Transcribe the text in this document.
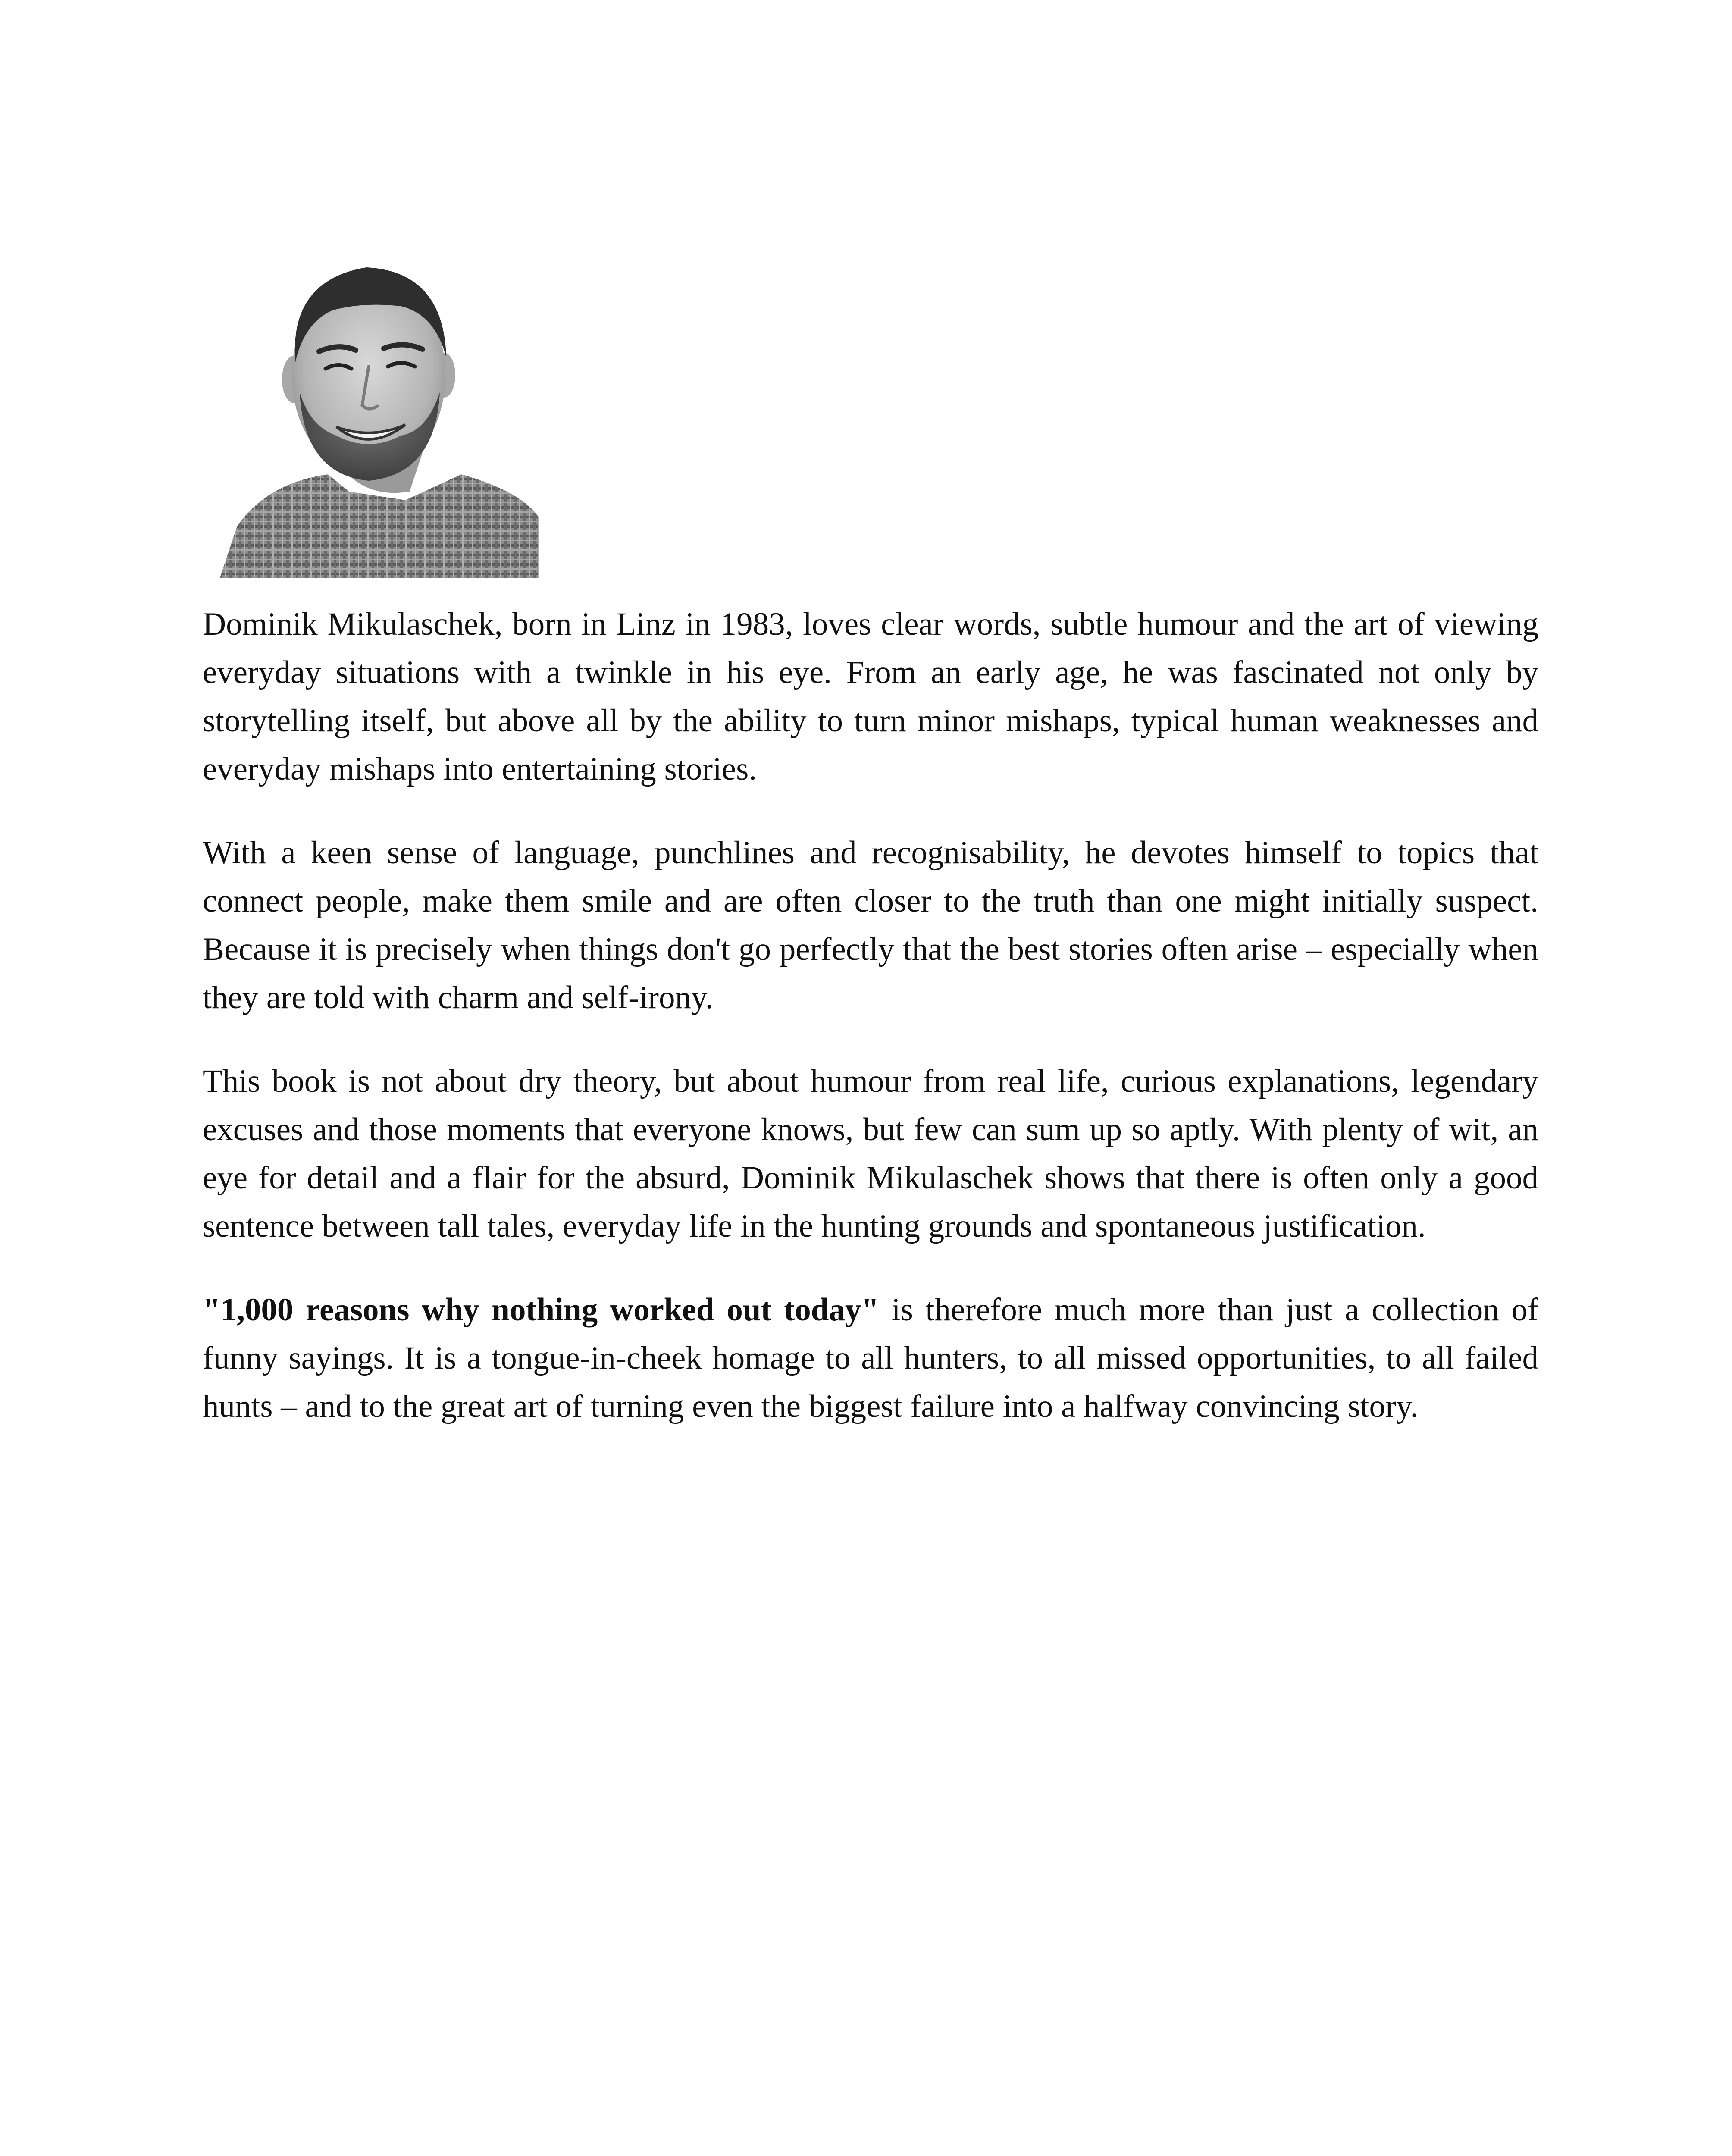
Dominik Mikulaschek, born in Linz in 1983, loves clear words, subtle humour and the art of viewing everyday situations with a twinkle in his eye. From an early age, he was fascinated not only by storytelling itself, but above all by the ability to turn minor mishaps, typical human weaknesses and everyday mishaps into entertaining stories.

With a keen sense of language, punchlines and recognisability, he devotes himself to topics that connect people, make them smile and are often closer to the truth than one might initially suspect. Because it is precisely when things don't go perfectly that the best stories often arise – especially when they are told with charm and self-irony.

This book is not about dry theory, but about humour from real life, curious explanations, legendary excuses and those moments that everyone knows, but few can sum up so aptly. With plenty of wit, an eye for detail and a flair for the absurd, Dominik Mikulaschek shows that there is often only a good sentence between tall tales, everyday life in the hunting grounds and spontaneous justification.

"1,000 reasons why nothing worked out today" is therefore much more than just a collection of funny sayings. It is a tongue-in-cheek homage to all hunters, to all missed opportunities, to all failed hunts – and to the great art of turning even the biggest failure into a halfway convincing story.
